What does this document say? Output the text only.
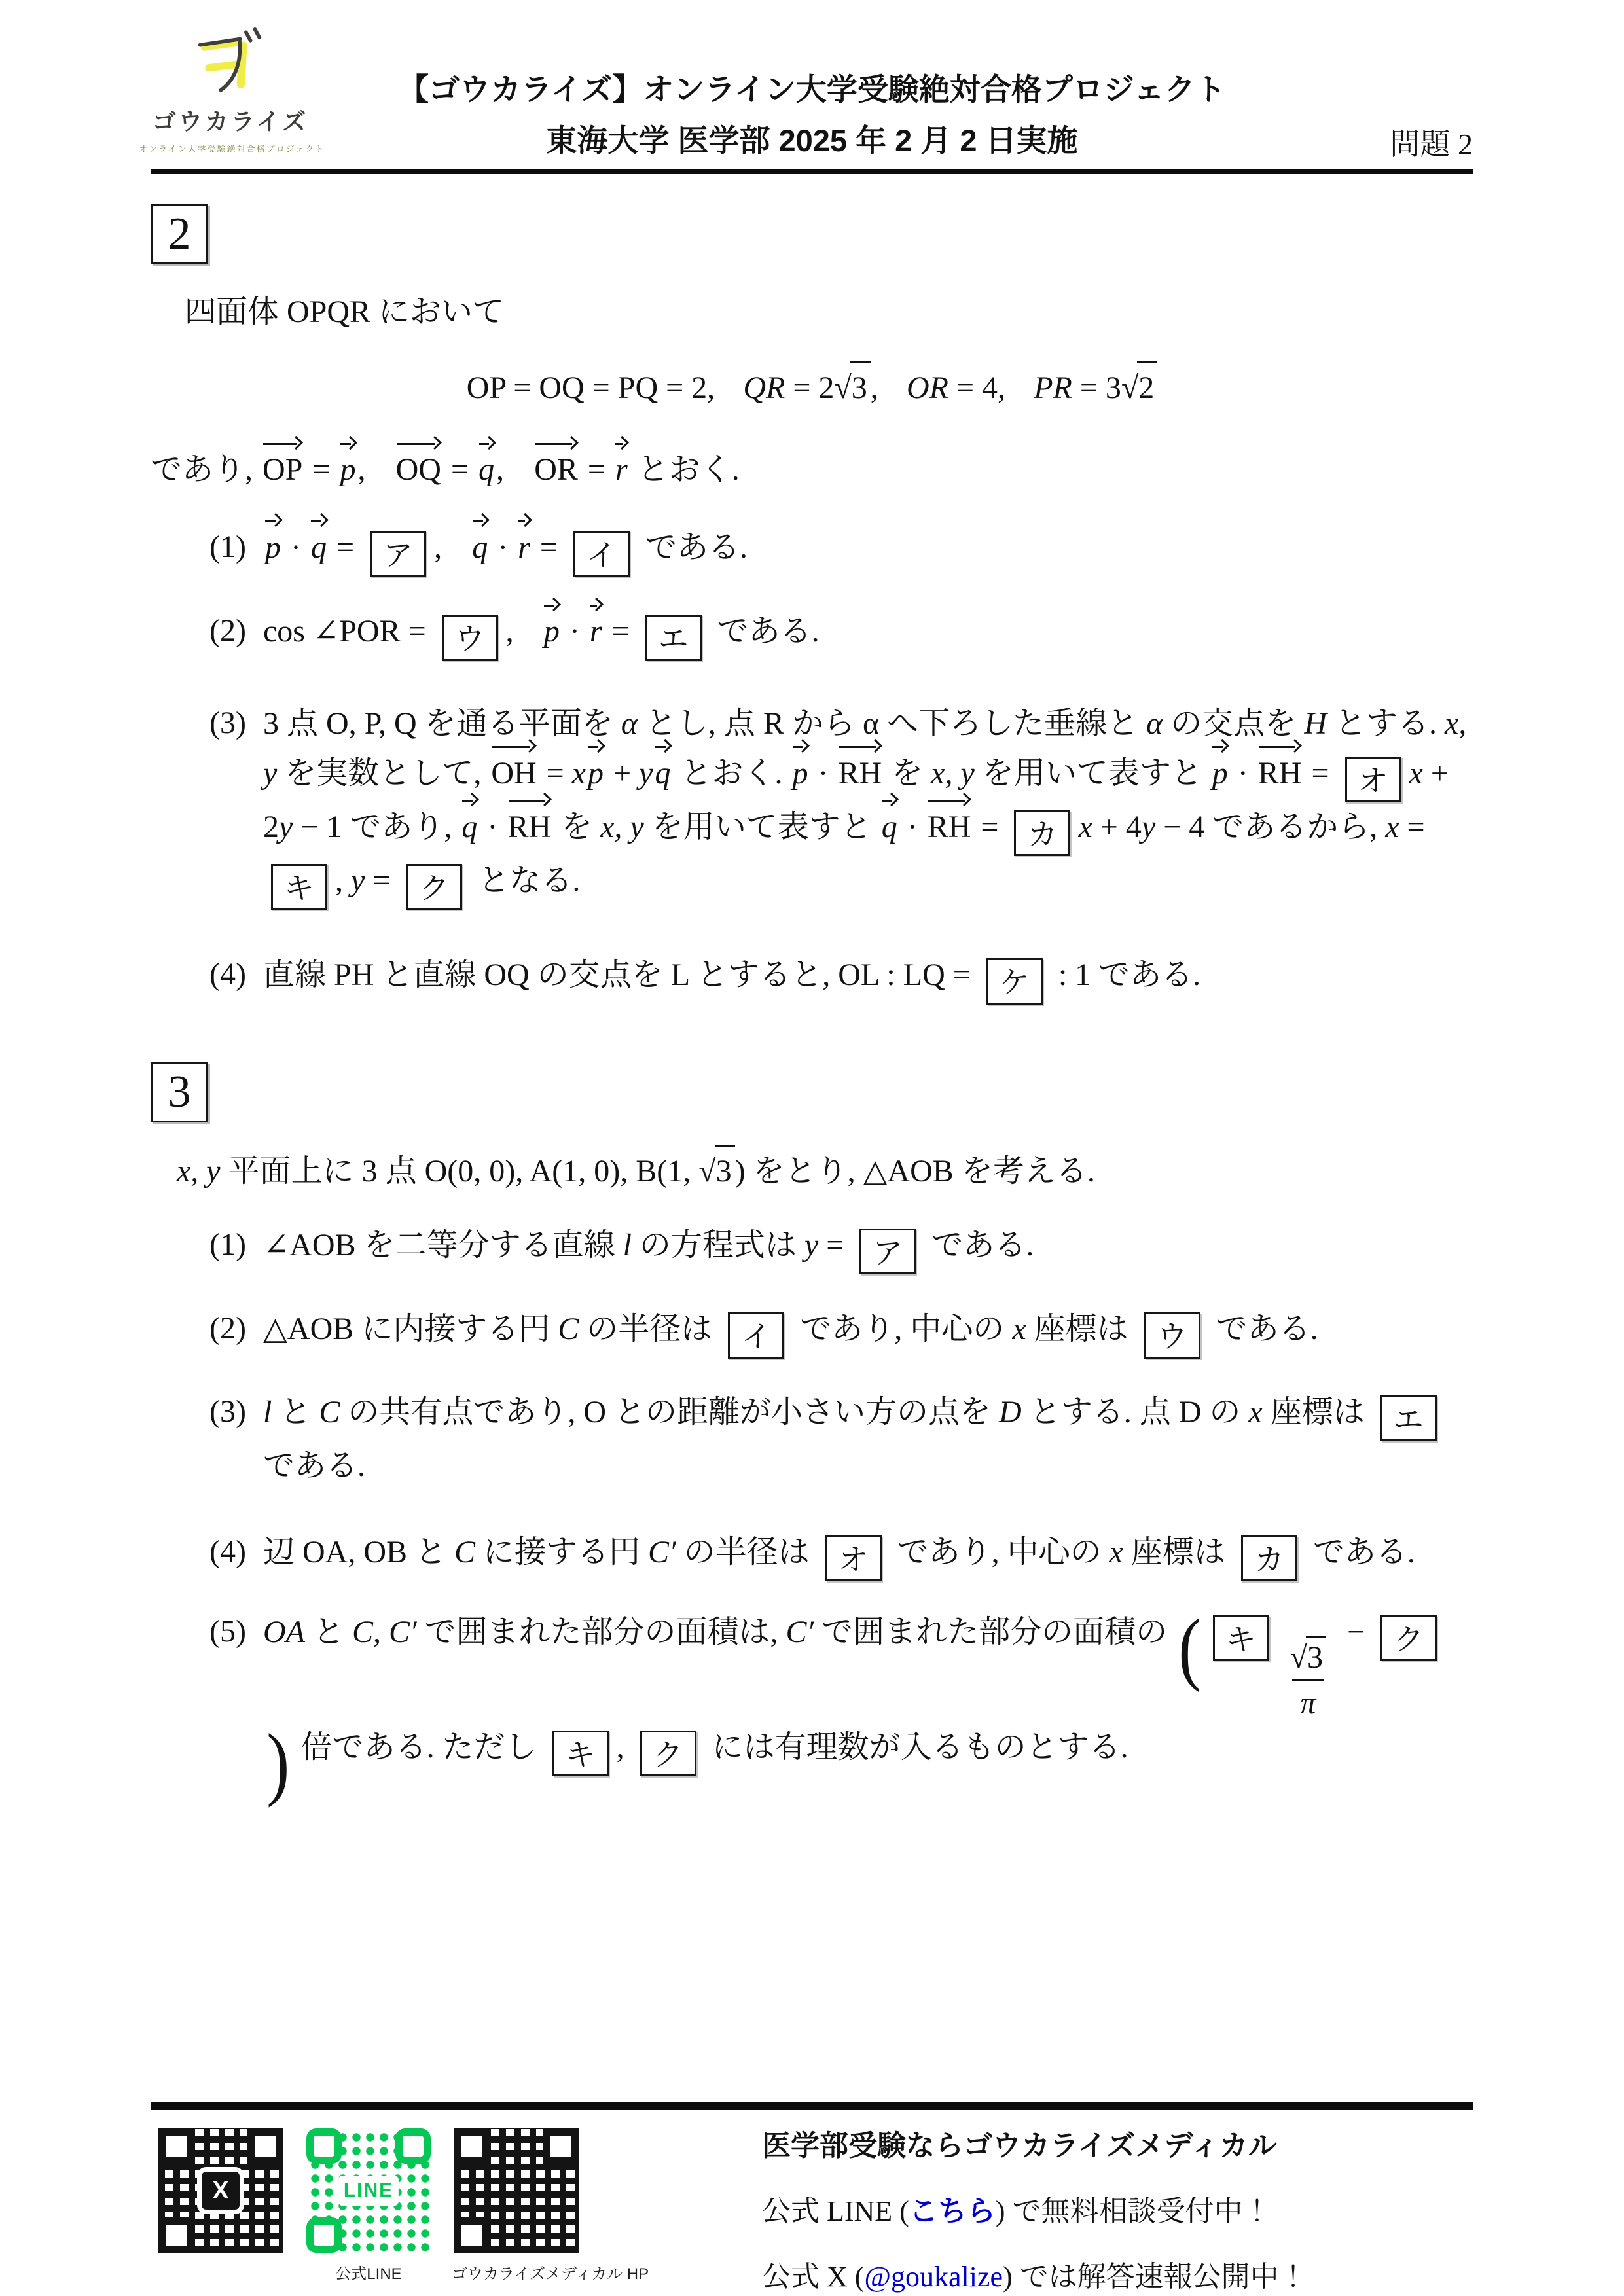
ゴウカライズ
オンライン大学受験絶対合格プロジェクト
【ゴウカライズ】オンライン大学受験絶対合格プロジェクト
東海大学 医学部 2025 年 2 月 2 日実施	問題 2
2
四面体 OPQR において
OP = OQ = PQ = 2, QR = 2√3 , OR = 4, PR = 3√2
であり,
OP =
p, OQ =
q, OR =
r とおく.
(1) p ·
q = ア , q ·
r = イ である.
(2) cos ∠POR = ウ , p ·
r = エ である.
(3) 3 点 O, P, Q を通る平面を α とし, 点 R から α へ下ろした垂線と α の交点を H とする. x, y を実数として,
OH = x
p + y
q とおく.
p ·
RH を x, y を用いて表すと
p ·
RH = オ x + 2y − 1 であり,
q ·
RH を x, y を用いて表すと
q ·
RH = カ x + 4y − 4 であるから, x = キ , y = ク となる.
(4) 直線 PH と直線 OQ の交点を L とすると, OL : LQ = ケ : 1 である.
3
x, y 平面上に 3 点 O(0, 0), A(1, 0), B(1, √3 ) をとり, △AOB を考える.
(1) ∠AOB を二等分する直線 l の方程式は y = ア である.
(2) △AOB に内接する円 C の半径は イ であり, 中心の x 座標は ウ である.
(3) l と C の共有点であり, O との距離が小さい方の点を D とする. 点 D の x 座標は エ である.
(4) 辺 OA, OB と C に接する円 C′ の半径は オ であり, 中心の x 座標は カ である.
(5) OA と C, C′ で囲まれた部分の面積は, C′ で囲まれた部分の面積の ( キ $\frac{√3}{\pi}$
− ク) 倍である. ただし キ , ク には有理数が入るものとする.
X	LINE
公式LINE	ゴウカライズメディカル HP
医学部受験ならゴウカライズメディカル
公式 LINE (こちら) で無料相談受付中！
公式 X (@goukalize) では解答速報公開中！
